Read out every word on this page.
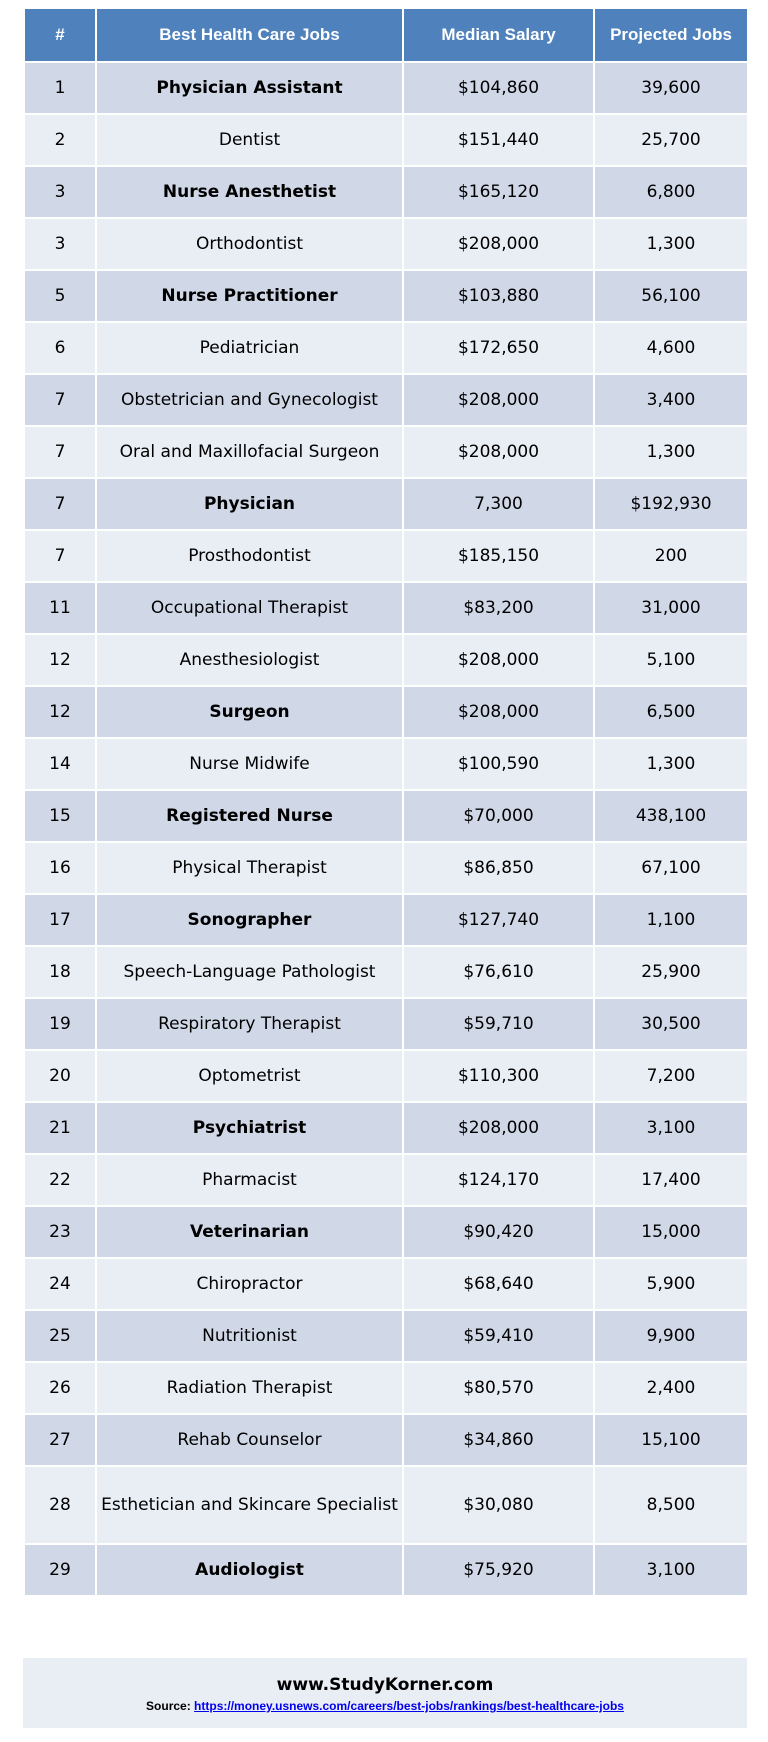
#	Best Health Care Jobs	Median Salary	Projected Jobs
1	Physician Assistant	$104,860	39,600
2	Dentist	$151,440	25,700
3	Nurse Anesthetist	$165,120	6,800
3	Orthodontist	$208,000	1,300
5	Nurse Practitioner	$103,880	56,100
6	Pediatrician	$172,650	4,600
7	Obstetrician and Gynecologist	$208,000	3,400
7	Oral and Maxillofacial Surgeon	$208,000	1,300
7	Physician	7,300	$192,930
7	Prosthodontist	$185,150	200
11	Occupational Therapist	$83,200	31,000
12	Anesthesiologist	$208,000	5,100
12	Surgeon	$208,000	6,500
14	Nurse Midwife	$100,590	1,300
15	Registered Nurse	$70,000	438,100
16	Physical Therapist	$86,850	67,100
17	Sonographer	$127,740	1,100
18	Speech-Language Pathologist	$76,610	25,900
19	Respiratory Therapist	$59,710	30,500
20	Optometrist	$110,300	7,200
21	Psychiatrist	$208,000	3,100
22	Pharmacist	$124,170	17,400
23	Veterinarian	$90,420	15,000
24	Chiropractor	$68,640	5,900
25	Nutritionist	$59,410	9,900
26	Radiation Therapist	$80,570	2,400
27	Rehab Counselor	$34,860	15,100
28	Esthetician and Skincare Specialist	$30,080	8,500
29	Audiologist	$75,920	3,100
www.StudyKorner.com
Source: https://money.usnews.com/careers/best-jobs/rankings/best-healthcare-jobs
